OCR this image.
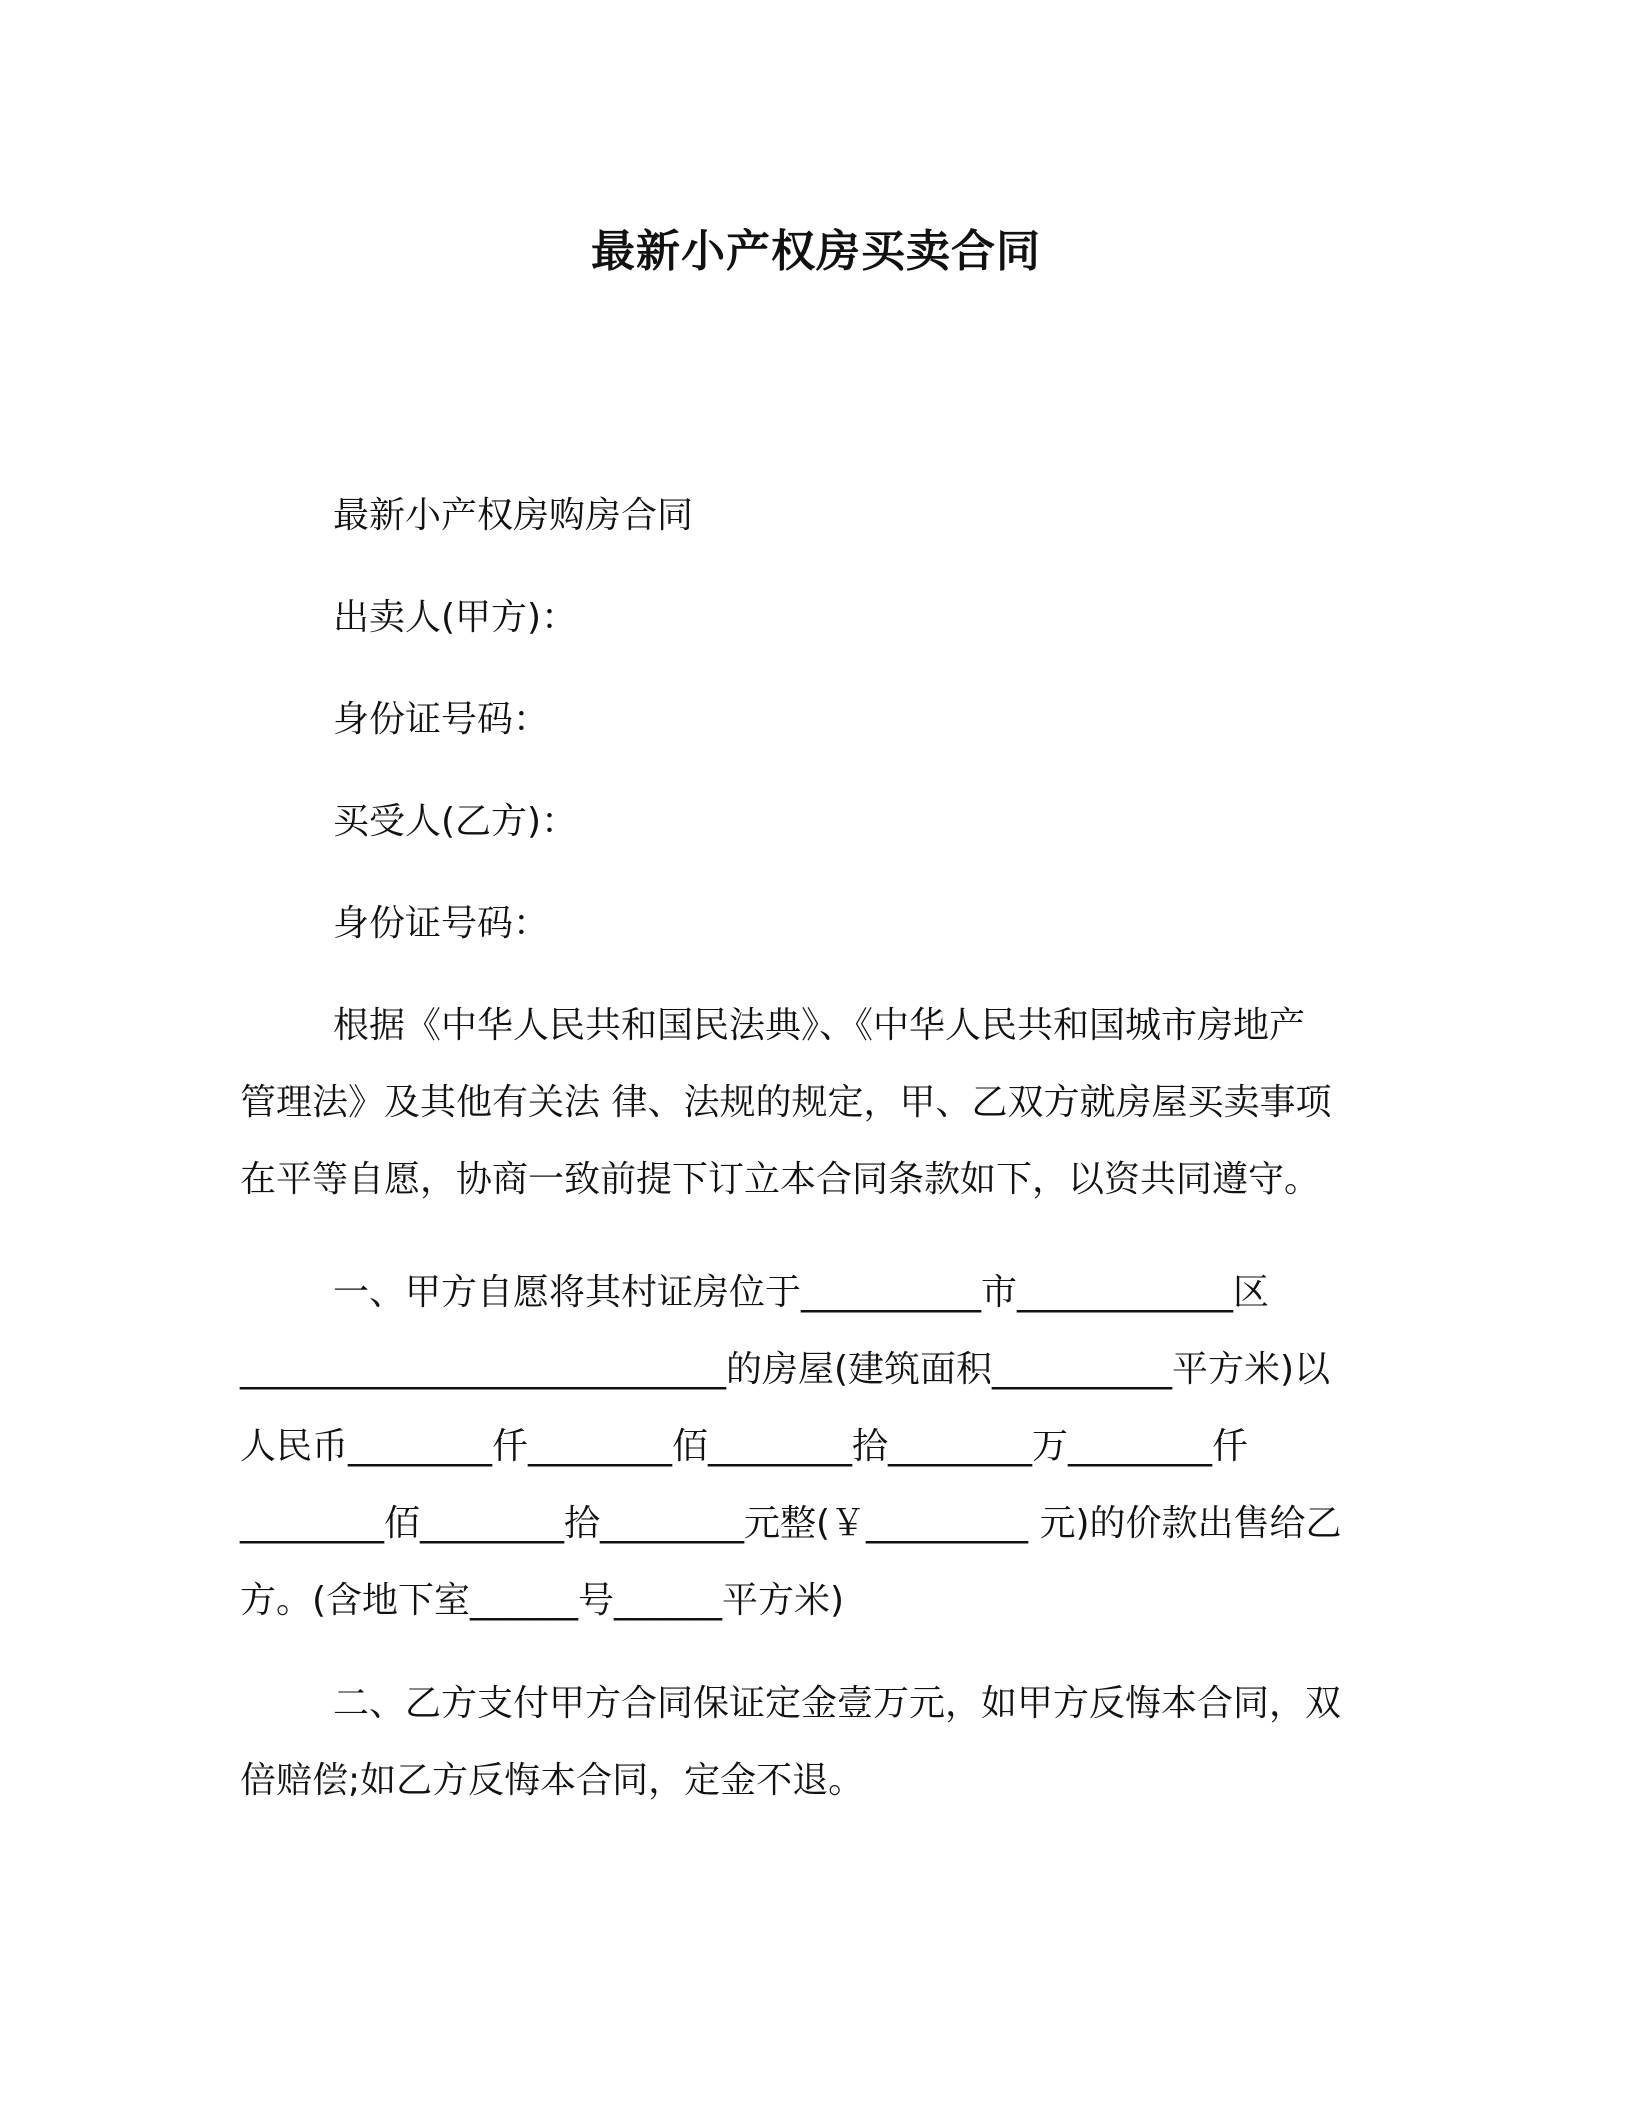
最新小产权房买卖合同
最新小产权房购房合同
出卖人(甲方)：
身份证号码：
买受人(乙方)：
身份证号码：
根据《中华人民共和国民法典》、《中华人民共和国城市房地产
管理法》及其他有关法 律、法规的规定，甲、乙双方就房屋买卖事项
在平等自愿，协商一致前提下订立本合同条款如下，以资共同遵守。
一、甲方自愿将其村证房位于__________市____________区
___________________________的房屋(建筑面积__________平方米)以
人民币________仟________佰________拾________万________仟
________佰________拾________元整(￥_________ 元)的价款出售给乙
方。(含地下室______号______平方米)
二、乙方支付甲方合同保证定金壹万元，如甲方反悔本合同，双
倍赔偿;如乙方反悔本合同，定金不退。
